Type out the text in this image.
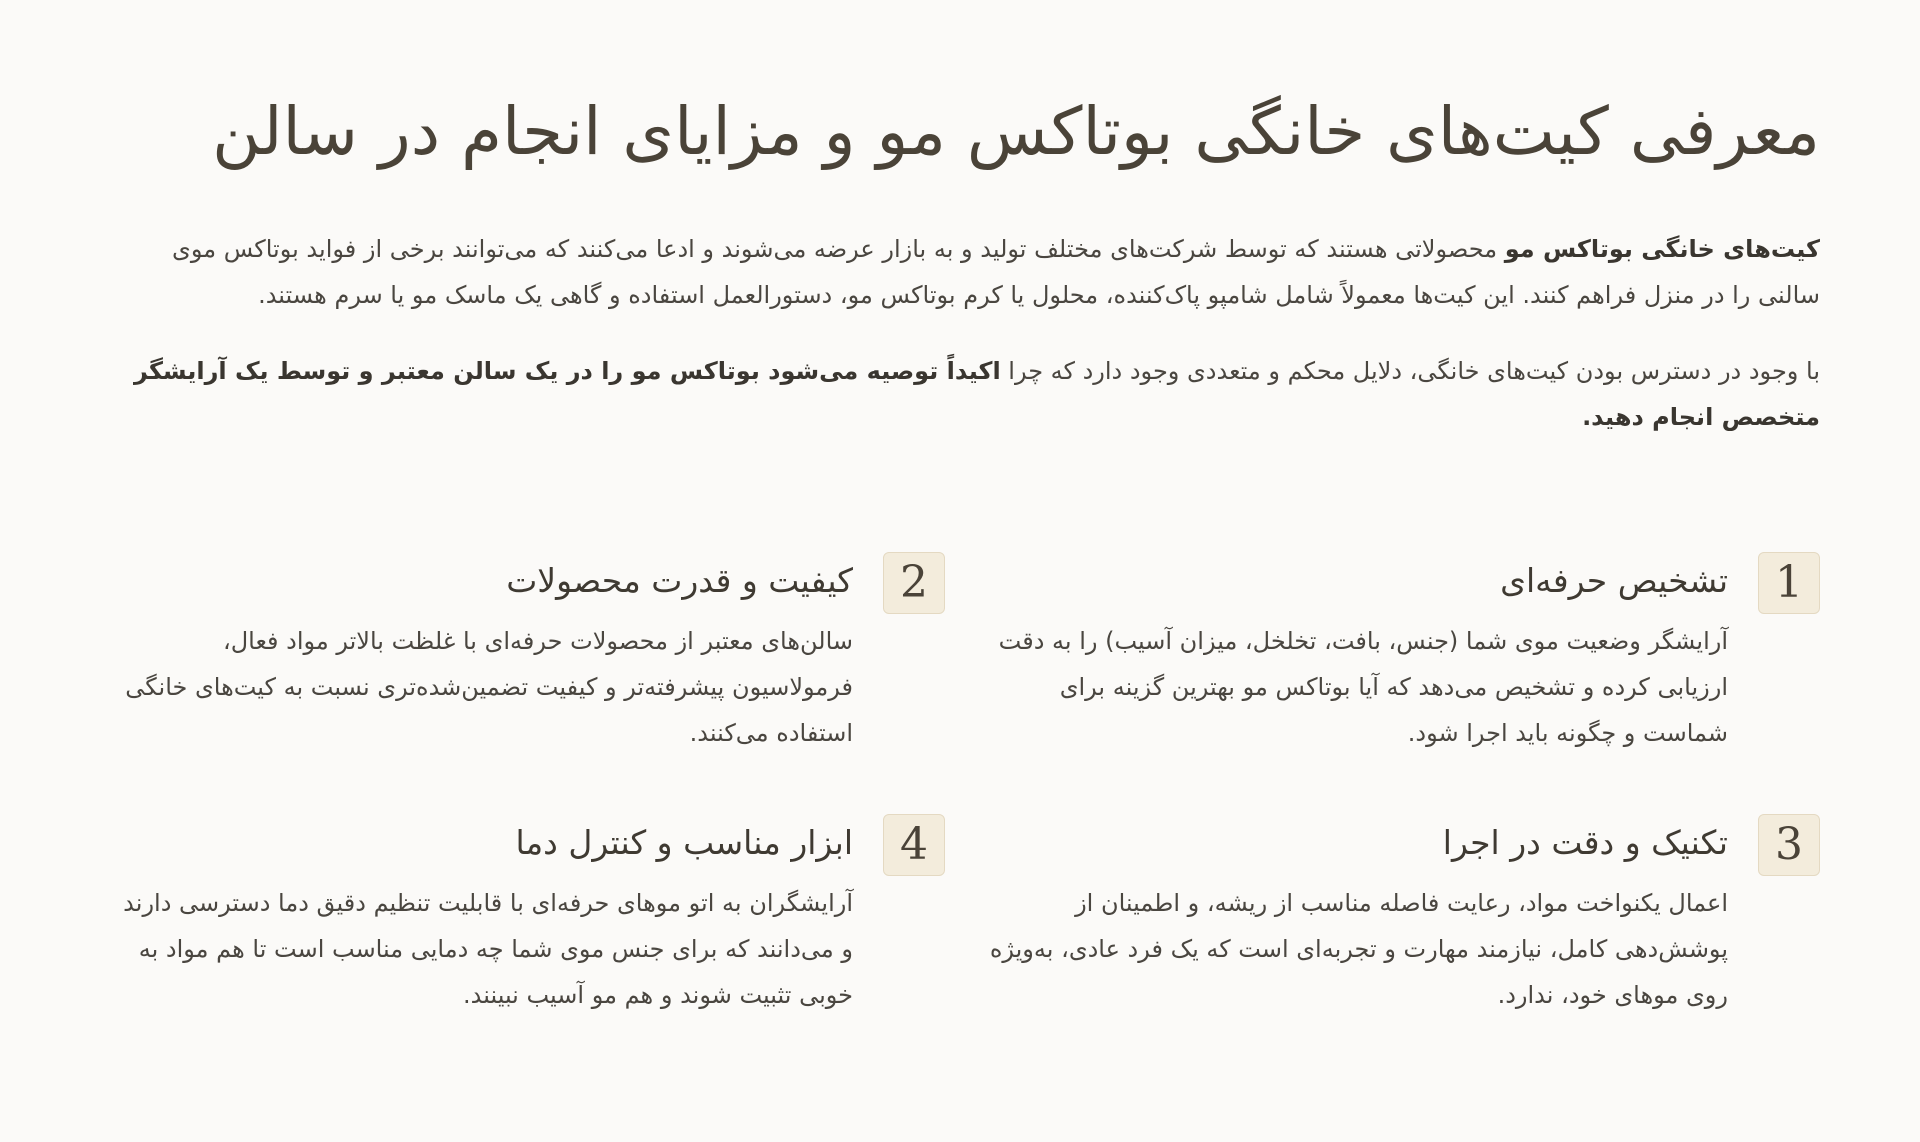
معرفی کیت‌های خانگی بوتاکس مو و مزایای انجام در سالن

کیت‌های خانگی بوتاکس مو محصولاتی هستند که توسط شرکت‌های مختلف تولید و به بازار عرضه می‌شوند و ادعا می‌کنند که می‌توانند برخی از فواید بوتاکس موی سالنی را در منزل فراهم کنند. این کیت‌ها معمولاً شامل شامپو پاک‌کننده، محلول یا کرم بوتاکس مو، دستورالعمل استفاده و گاهی یک ماسک مو یا سرم هستند.

با وجود در دسترس بودن کیت‌های خانگی، دلایل محکم و متعددی وجود دارد که چرا اکیداً توصیه می‌شود بوتاکس مو را در یک سالن معتبر و توسط یک آرایشگر متخصص انجام دهید.

1
تشخیص حرفه‌ای
آرایشگر وضعیت موی شما (جنس، بافت، تخلخل، میزان آسیب) را به دقت ارزیابی کرده و تشخیص می‌دهد که آیا بوتاکس مو بهترین گزینه برای شماست و چگونه باید اجرا شود.
2
کیفیت و قدرت محصولات
سالن‌های معتبر از محصولات حرفه‌ای با غلظت بالاتر مواد فعال، فرمولاسیون پیشرفته‌تر و کیفیت تضمین‌شده‌تری نسبت به کیت‌های خانگی استفاده می‌کنند.
3
تکنیک و دقت در اجرا
اعمال یکنواخت مواد، رعایت فاصله مناسب از ریشه، و اطمینان از پوشش‌دهی کامل، نیازمند مهارت و تجربه‌ای است که یک فرد عادی، به‌ویژه روی موهای خود، ندارد.
4
ابزار مناسب و کنترل دما
آرایشگران به اتو موهای حرفه‌ای با قابلیت تنظیم دقیق دما دسترسی دارند و می‌دانند که برای جنس موی شما چه دمایی مناسب است تا هم مواد به خوبی تثبیت شوند و هم مو آسیب نبینند.
